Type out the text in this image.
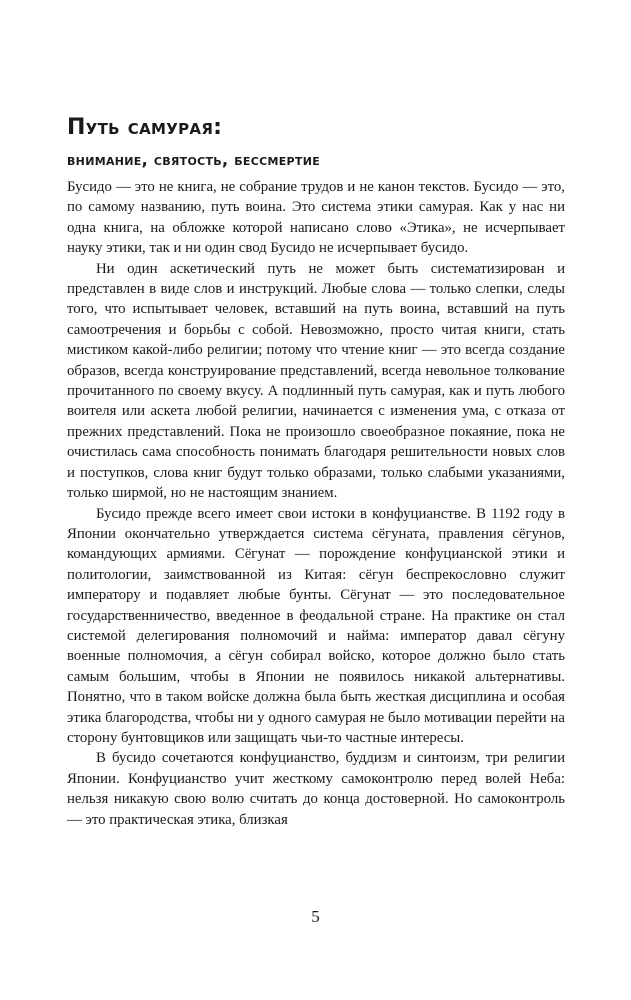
Путь самурая:
внимание, святость, бессмертие

Бусидо — это не книга, не собрание трудов и не канон текстов. Бусидо — это, по самому названию, путь воина. Это система этики самурая. Как у нас ни одна книга, на обложке которой написано слово «Этика», не исчерпывает науку этики, так и ни один свод Бусидо не исчерпывает бусидо.

Ни один аскетический путь не может быть систематизирован и представлен в виде слов и инструкций. Любые слова — только слепки, следы того, что испытывает человек, вставший на путь воина, вставший на путь самоотречения и борьбы с собой. Невозможно, просто читая книги, стать мистиком какой-либо религии; потому что чтение книг — это всегда создание образов, всегда конструирование представлений, всегда невольное толкование прочитанного по своему вкусу. А подлинный путь самурая, как и путь любого воителя или аскета любой религии, начинается с изменения ума, с отказа от прежних представлений. Пока не произошло своеобразное покаяние, пока не очистилась сама способность понимать благодаря решительности новых слов и поступков, слова книг будут только образами, только слабыми указаниями, только ширмой, но не настоящим знанием.

Бусидо прежде всего имеет свои истоки в конфуцианстве. В 1192 году в Японии окончательно утверждается система сёгуната, правления сёгунов, командующих армиями. Сёгунат — порождение конфуцианской этики и политологии, заимствованной из Китая: сёгун беспрекословно служит императору и подавляет любые бунты. Сёгунат — это последовательное государственничество, введенное в феодальной стране. На практике он стал системой делегирования полномочий и найма: император давал сёгуну военные полномочия, а сёгун собирал войско, которое должно было стать самым большим, чтобы в Японии не появилось никакой альтернативы. Понятно, что в таком войске должна была быть жесткая дисциплина и особая этика благородства, чтобы ни у одного самурая не было мотивации перейти на сторону бунтовщиков или защищать чьи-то частные интересы.

В бусидо сочетаются конфуцианство, буддизм и синтоизм, три религии Японии. Конфуцианство учит жесткому самоконтролю перед волей Неба: нельзя никакую свою волю считать до конца достоверной. Но самоконтроль — это практическая этика, близкая

5
